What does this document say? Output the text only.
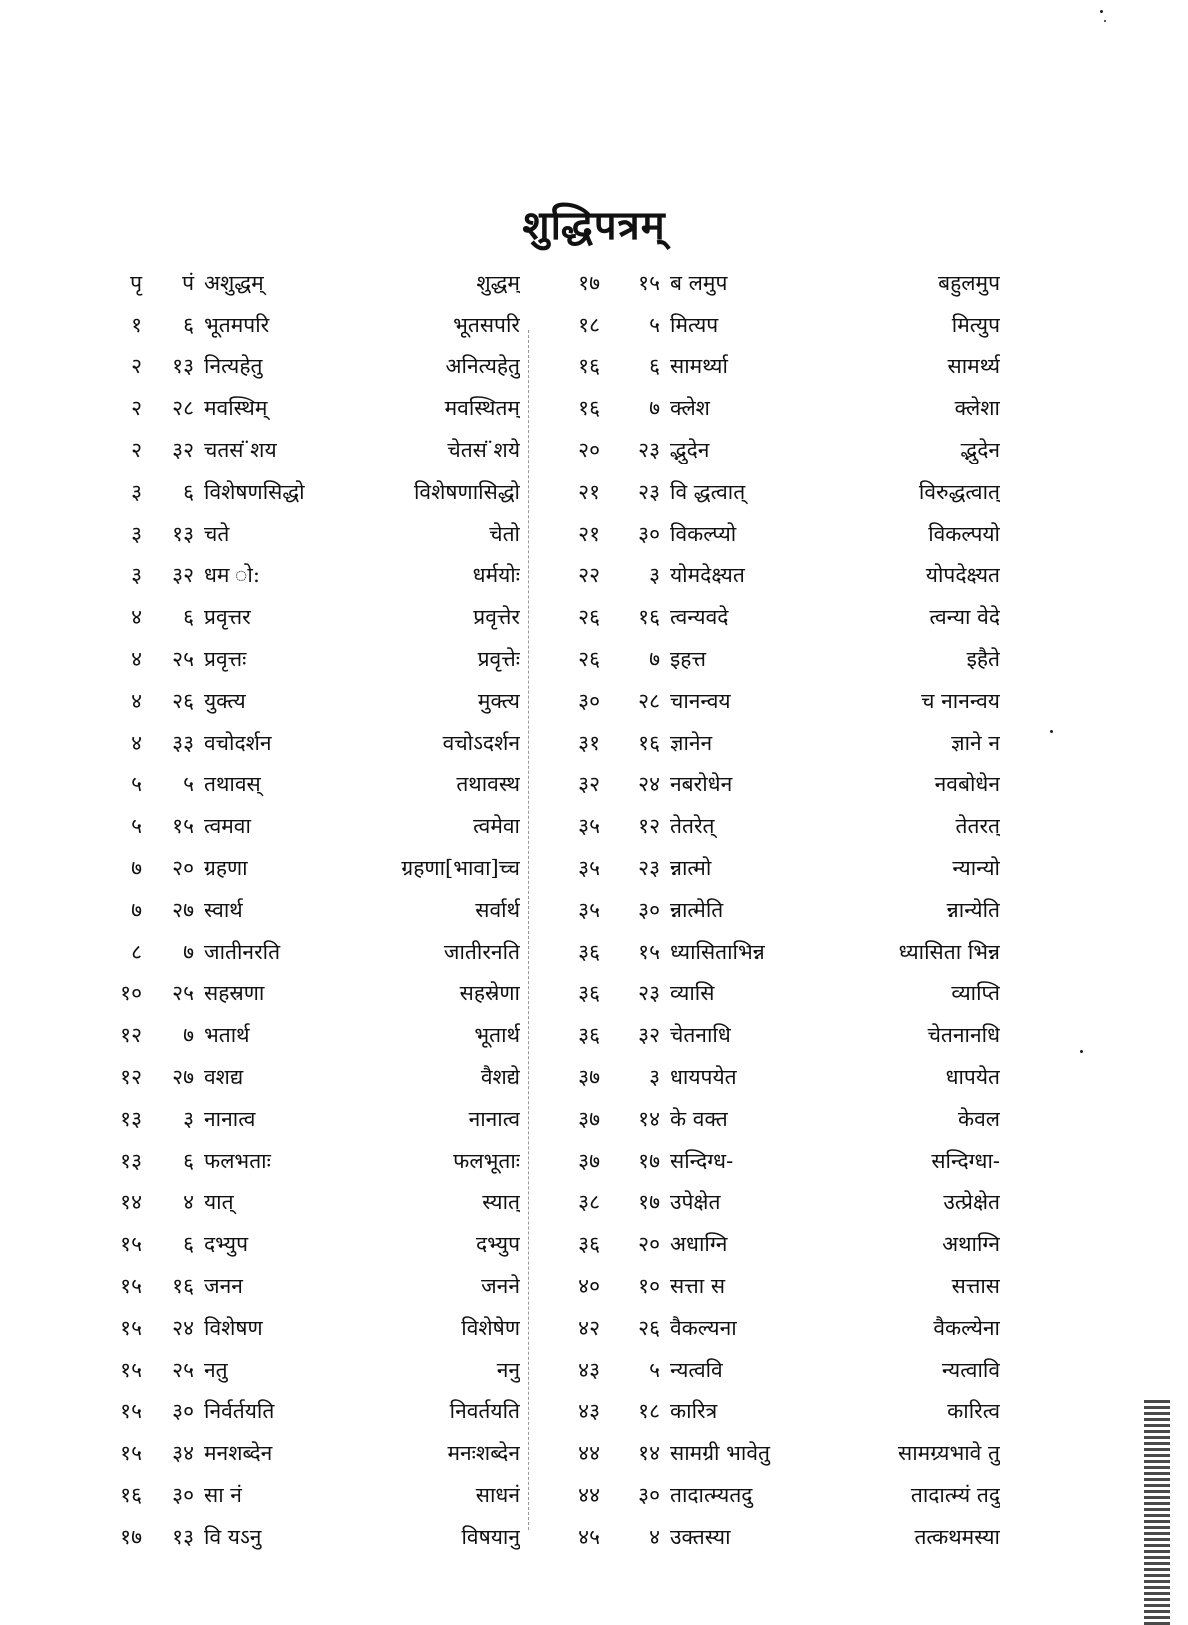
शुद्धिपत्रम्
पृ	पं अशुद्धम्	शुद्धम्
१	६ भूतमपरि	भूतसपरि
२	१३ नित्यहेतु	अनित्यहेतु
२	२८ मवस्थिम्	मवस्थितम्
२	३२ चतस ̈शय	चेतस ̈शये
३	६ विशेषणसिद्धो	विशेषणासिद्धो
३	१३ चते	चेतो
३	३२ धम ो:	धर्मयोः
४	६ प्रवृत्तर	प्रवृत्तेर
४	२५ प्रवृत्तः	प्रवृत्तेः
४	२६ युक्त्य	मुक्त्य
४	३३ वचोदर्शन	वचोऽदर्शन
५	५ तथावस्	तथावस्थ
५	१५ त्वमवा	त्वमेवा
७	२० ग्रहणा	ग्रहणा[भावा]च्च
७	२७ स्वार्थ	सर्वार्थ
८	७ जातीनरति	जातीरनति
१०	२५ सहस्रणा	सहस्रेणा
१२	७ भतार्थ	भूतार्थ
१२	२७ वशद्य	वैशद्ये
१३	३ नानात्व	नानात्व
१३	६ फलभताः	फलभूताः
१४	४ यात्	स्यात्
१५	६ दभ्युप	दभ्युप
१५	१६ जनन	जनने
१५	२४ विशेषण	विशेषेण
१५	२५ नतु	ननु
१५	३० निर्वर्तयति	निवर्तयति
१५	३४ मनशब्देन	मनःशब्देन
१६	३० सा नं	साधनं
१७	१३ वि यऽनु	विषयानु
१७	१५ ब लमुप	बहुलमुप
१८	५ मित्यप	मित्युप
१६	६ सामर्थ्या	सामर्थ्य
१६	७ क्लेश	क्लेशा
२०	२३ द्भुदेन	द्भुदेन
२१	२३ वि द्धत्वात्	विरुद्धत्वात्
२१	३० विकल्प्यो	विकल्पयो
२२	३ योमदेक्ष्यत	योपदेक्ष्यत
२६	१६ त्वन्यवदे	त्वन्या वेदे
२६	७ इहत्त	इहैते
३०	२८ चानन्वय	च नानन्वय
३१	१६ ज्ञानेन	ज्ञाने न
३२	२४ नबरोधेन	नवबोधेन
३५	१२ तेतरेत्	तेतरत्
३५	२३ न्नात्मो	न्यान्यो
३५	३० न्नात्मेति	न्नान्येति
३६	१५ ध्यासिताभिन्न	ध्यासिता भिन्न
३६	२३ व्यासि	व्याप्ति
३६	३२ चेतनाधि	चेतनानधि
३७	३ धायपयेत	धापयेत
३७	१४ के वक्त	केवल
३७	१७ सन्दिग्ध-	सन्दिग्धा-
३८	१७ उपेक्षेत	उत्प्रेक्षेत
३६	२० अधाग्नि	अथाग्नि
४०	१० सत्ता स	सत्तास
४२	२६ वैकल्यना	वैकल्येना
४३	५ न्यत्ववि	न्यत्वावि
४३	१८ कारित्र	कारित्व
४४	१४ सामग्री भावेतु	सामग्र्यभावे तु
४४	३० तादात्म्यतदु	तादात्म्यं तदु
४५	४ उक्तस्या	तत्कथमस्या
